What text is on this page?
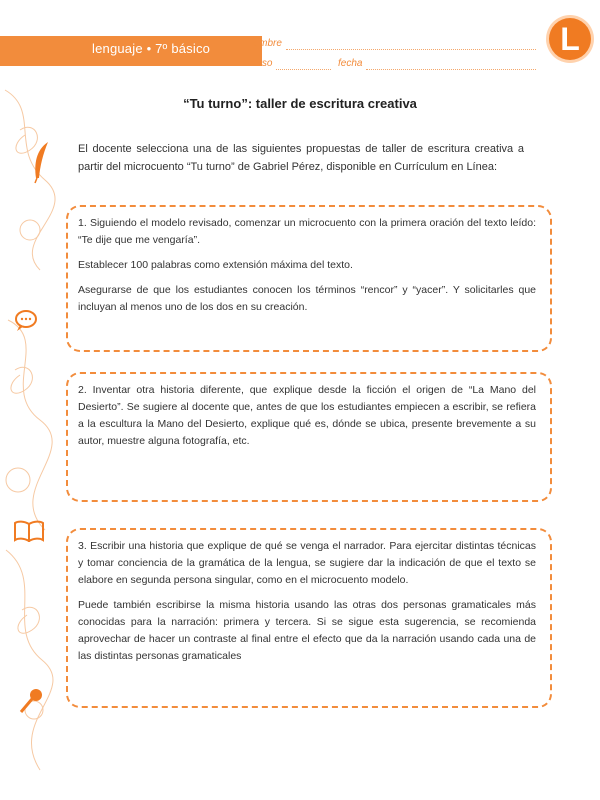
lenguaje • 7º básico	nombre
curso	fecha
L
“Tu turno”: taller de escritura creativa
El docente selecciona una de las siguientes propuestas de taller de escritura creativa a partir del microcuento “Tu turno” de Gabriel Pérez, disponible en Currículum en Línea:

1. Siguiendo el modelo revisado, comenzar un microcuento con la primera oración del texto leído: “Te dije que me vengaría”.

Establecer 100 palabras como extensión máxima del texto.

Asegurarse de que los estudiantes conocen los términos “rencor” y “yacer”. Y solicitarles que incluyan al menos uno de los dos en su creación.

2. Inventar otra historia diferente, que explique desde la ficción el origen de “La Mano del Desierto”. Se sugiere al docente que, antes de que los estudiantes empiecen a escribir, se refiera a la escultura la Mano del Desierto, explique qué es, dónde se ubica, presente brevemente a su autor, muestre alguna fotografía, etc.

3. Escribir una historia que explique de qué se venga el narrador. Para ejercitar distintas técnicas y tomar conciencia de la gramática de la lengua, se sugiere dar la indicación de que el texto se elabore en segunda persona singular, como en el microcuento modelo.

Puede también escribirse la misma historia usando las otras dos personas gramaticales más conocidas para la narración: primera y tercera. Si se sigue esta sugerencia, se recomienda aprovechar de hacer un contraste al final entre el efecto que da la narración usando cada una de las distintas personas gramaticales
